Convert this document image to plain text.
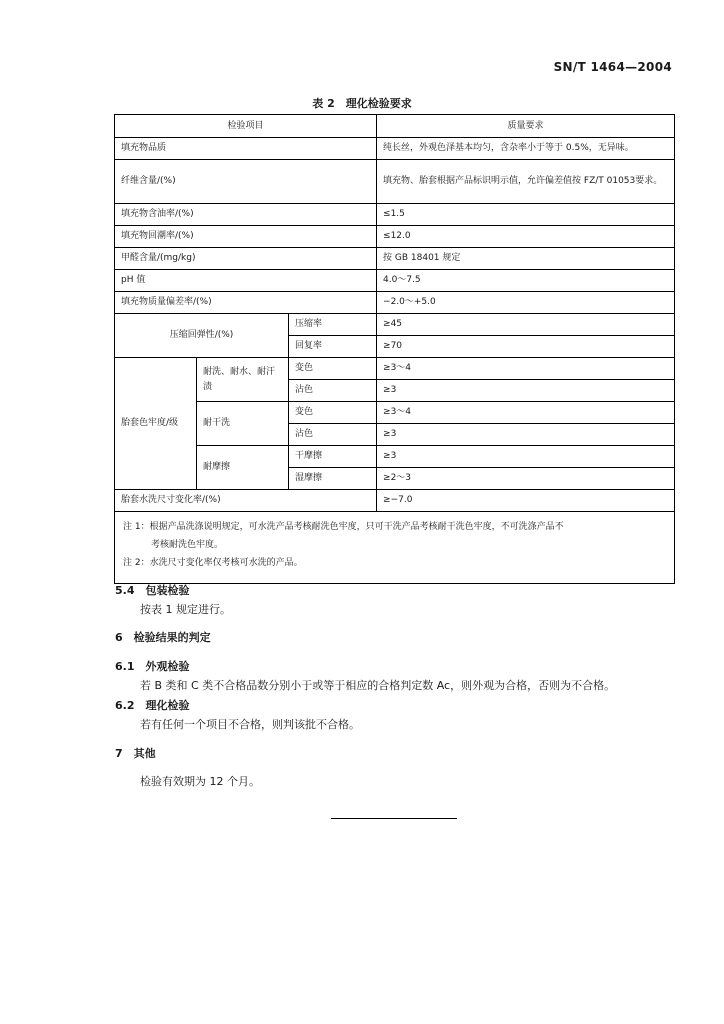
SN/T 1464—2004
表 2　理化检验要求
检验项目			质量要求
填充物品质			纯长丝，外观色泽基本均匀，含杂率小于等于 0.5%，无异味。
纤维含量/(%)			填充物、胎套根据产品标识明示值，允许偏差值按 FZ/T 01053要求。
填充物含油率/(%)			≤1.5
填充物回潮率/(%)			≤12.0
甲醛含量/(mg/kg)			按 GB 18401 规定
pH 值			4.0～7.5
填充物质量偏差率/(%)			−2.0～+5.0
压缩回弹性/(%)		压缩率	≥45
		回复率	≥70
胎套色牢度/级	耐洗、耐水、耐汗渍	变色	≥3～4
		沾色	≥3
	耐干洗	变色	≥3～4
		沾色	≥3
	耐摩擦	干摩擦	≥3
		湿摩擦	≥2～3
胎套水洗尺寸变化率/(%)			≥−7.0

注 1：根据产品洗涤说明规定，可水洗产品考核耐洗色牢度，只可干洗产品考核耐干洗色牢度，不可洗涤产品不
考核耐洗色牢度。
注 2：水洗尺寸变化率仅考核可水洗的产品。			
5.4　包装检验
按表 1 规定进行。
6　检验结果的判定
6.1　外观检验
若 B 类和 C 类不合格品数分别小于或等于相应的合格判定数 Ac，则外观为合格，否则为不合格。
6.2　理化检验
若有任何一个项目不合格，则判该批不合格。
7　其他
检验有效期为 12 个月。
